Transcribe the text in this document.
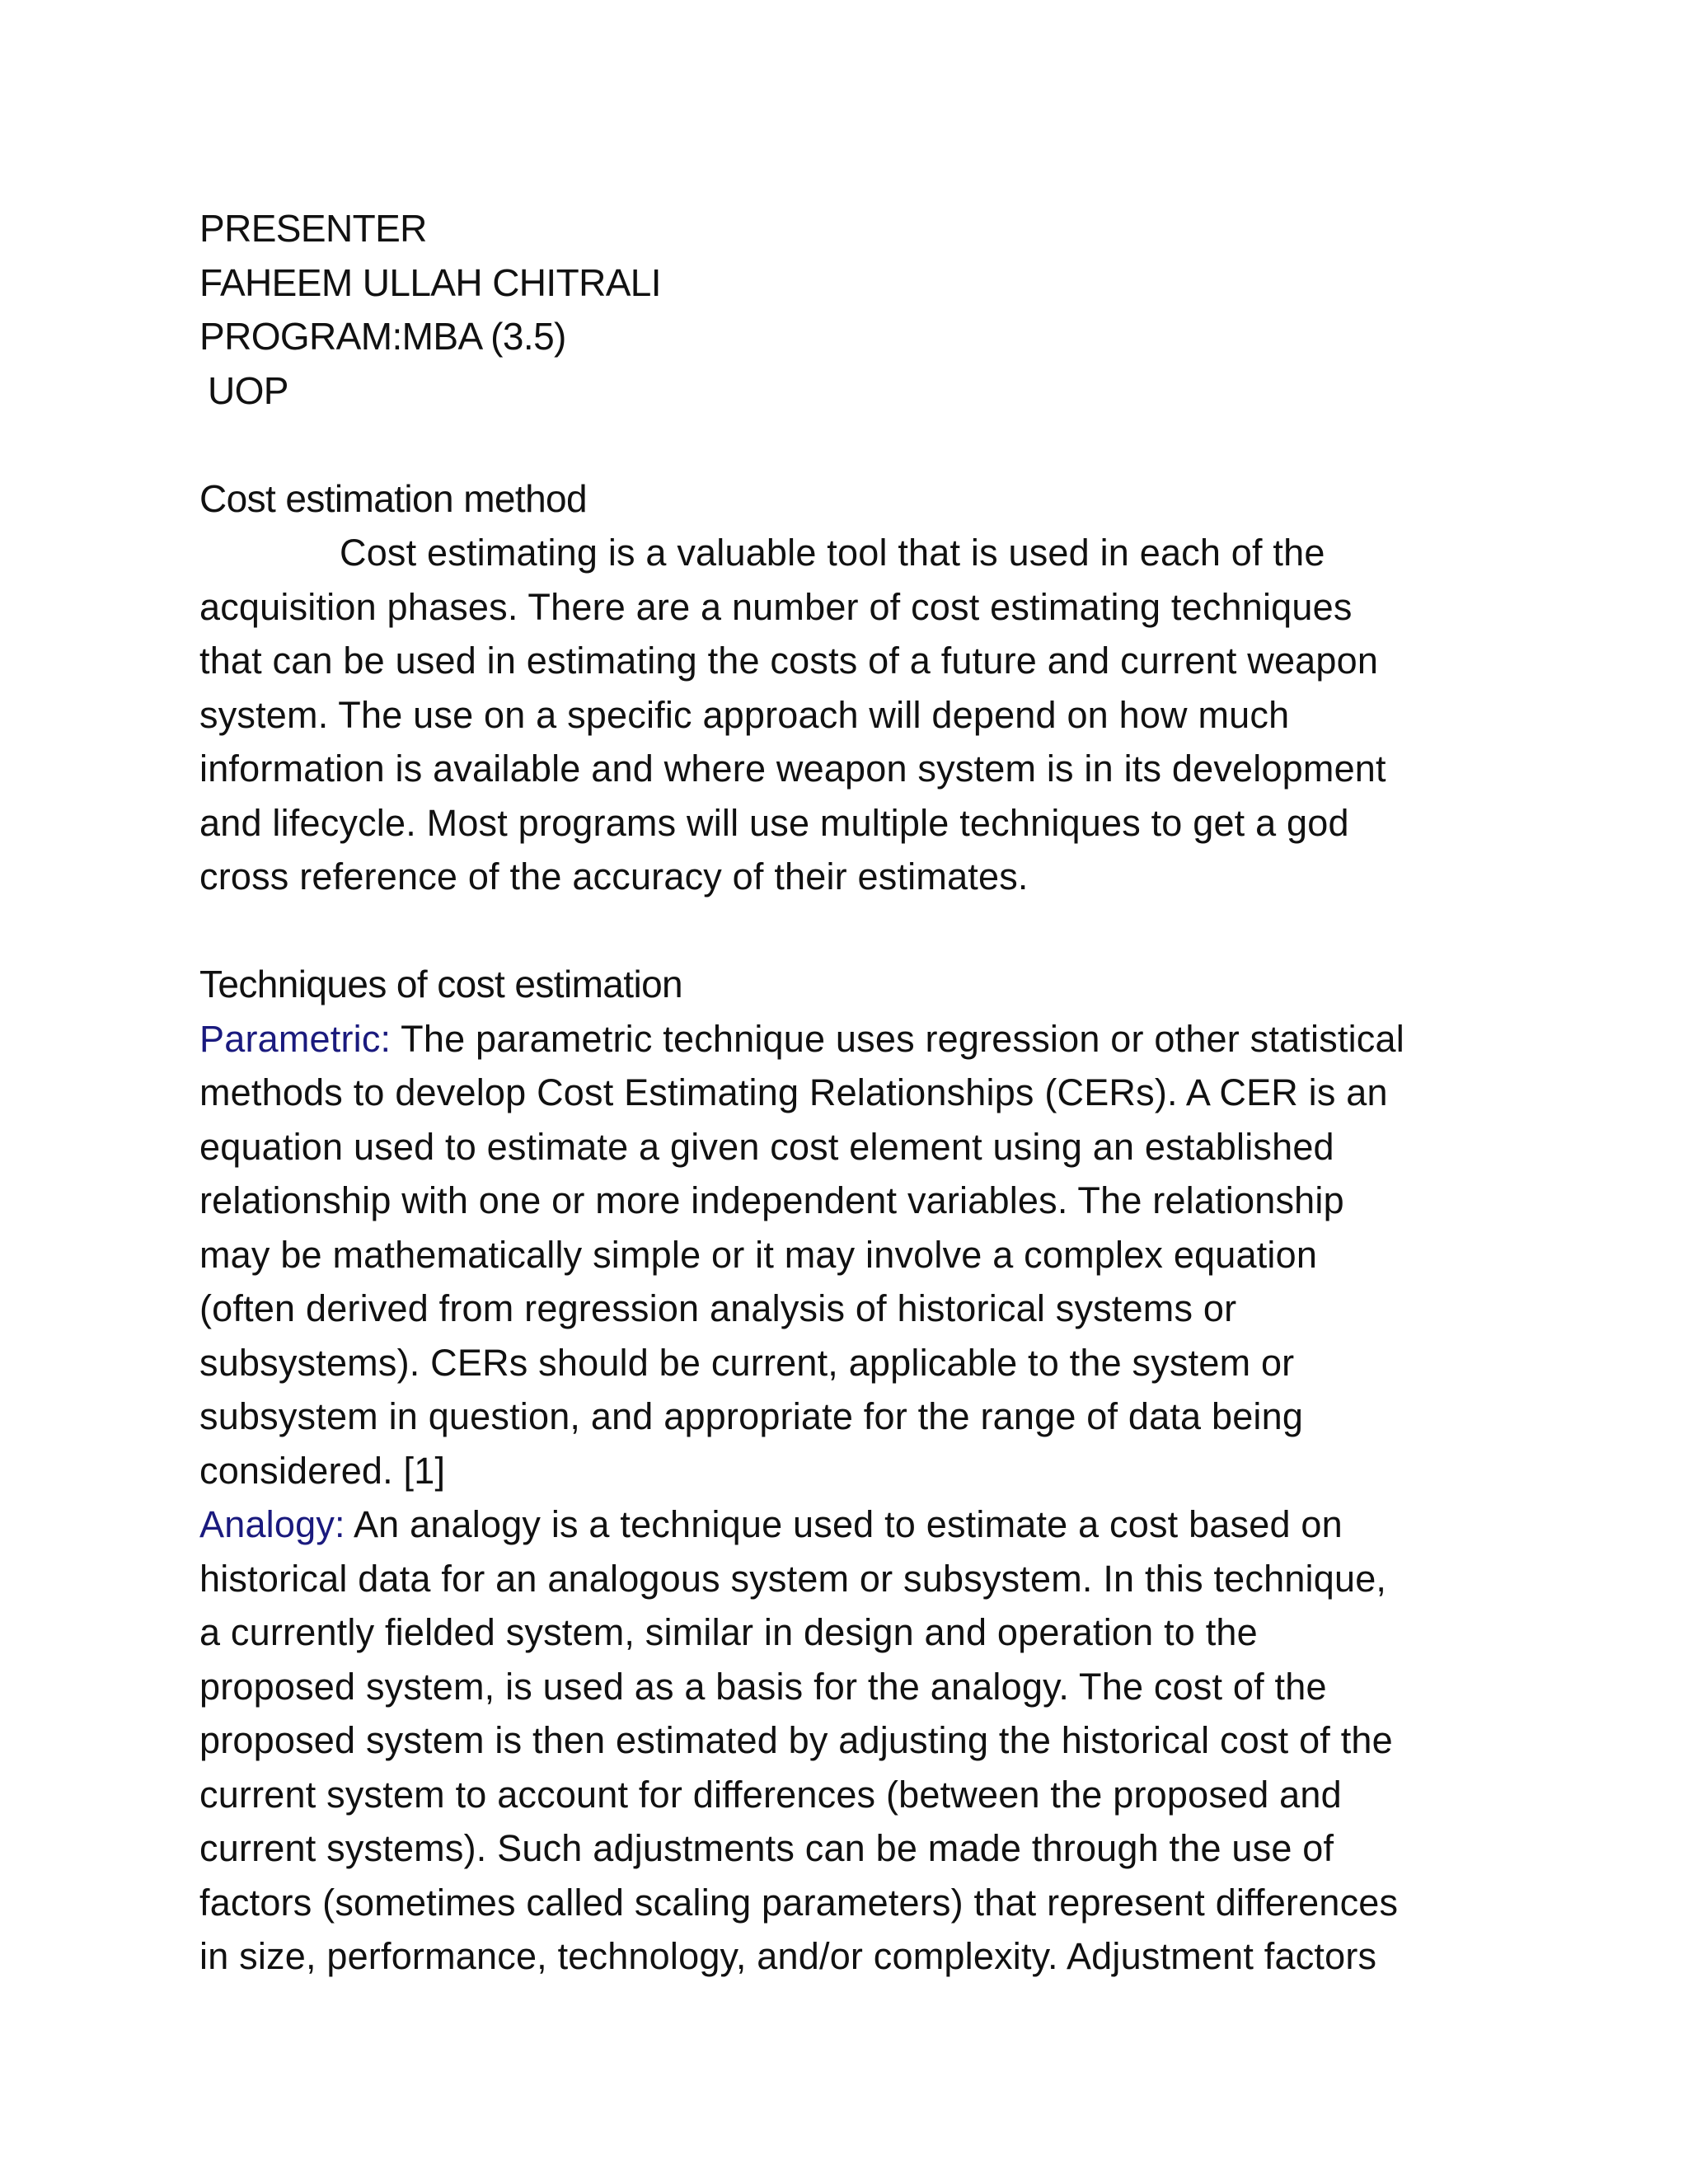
PRESENTER
FAHEEM ULLAH CHITRALI
PROGRAM:MBA (3.5)
UOP
Cost estimation method
Cost estimating is a valuable tool that is used in each of the
acquisition phases. There are a number of cost estimating techniques
that can be used in estimating the costs of a future and current weapon
system. The use on a specific approach will depend on how much
information is available and where weapon system is in its development
and lifecycle. Most programs will use multiple techniques to get a god
cross reference of the accuracy of their estimates.
Techniques of cost estimation
Parametric: The parametric technique uses regression or other statistical
methods to develop Cost Estimating Relationships (CERs). A CER is an
equation used to estimate a given cost element using an established
relationship with one or more independent variables. The relationship
may be mathematically simple or it may involve a complex equation
(often derived from regression analysis of historical systems or
subsystems). CERs should be current, applicable to the system or
subsystem in question, and appropriate for the range of data being
considered. [1]
Analogy: An analogy is a technique used to estimate a cost based on
historical data for an analogous system or subsystem. In this technique,
a currently fielded system, similar in design and operation to the
proposed system, is used as a basis for the analogy. The cost of the
proposed system is then estimated by adjusting the historical cost of the
current system to account for differences (between the proposed and
current systems). Such adjustments can be made through the use of
factors (sometimes called scaling parameters) that represent differences
in size, performance, technology, and/or complexity. Adjustment factors
